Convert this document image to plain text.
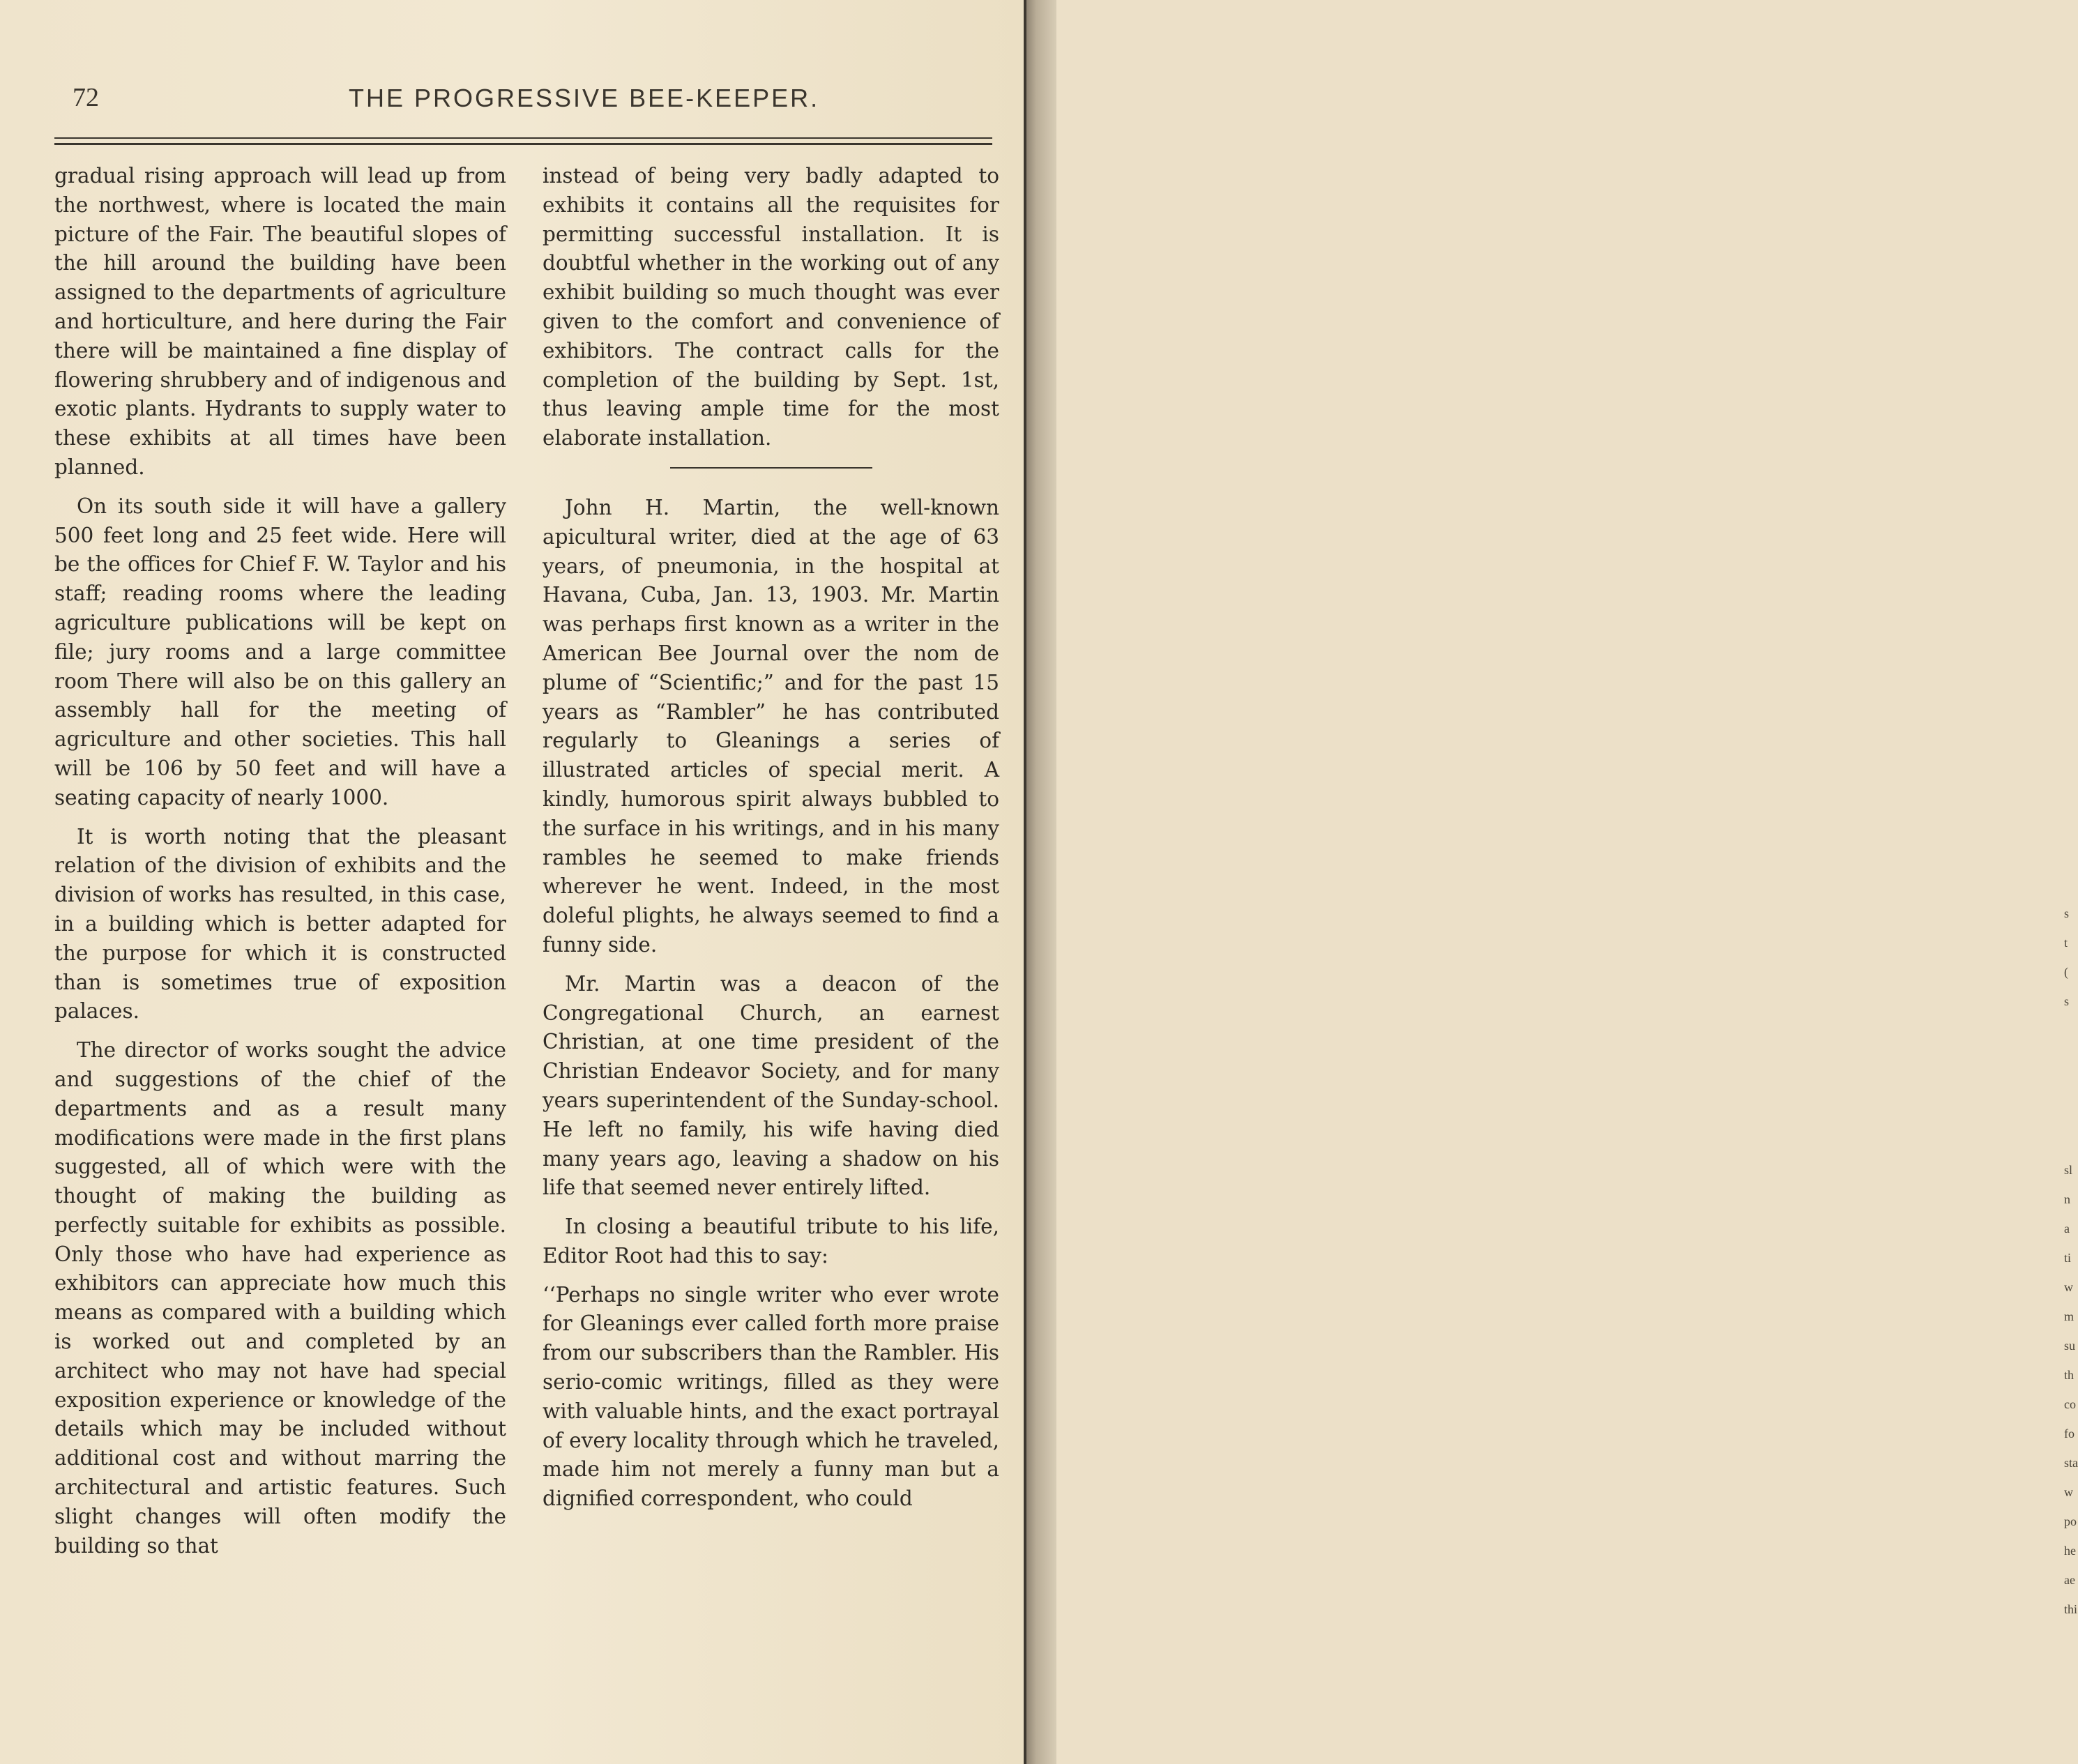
72	THE PROGRESSIVE BEE-KEEPER.

gradual rising approach will lead up from the northwest, where is located the main picture of the Fair. The beautiful slopes of the hill around the building have been assigned to the departments of agriculture and horticulture, and here during the Fair there will be maintained a fine display of flowering shrubbery and of indigenous and exotic plants. Hydrants to supply water to these exhibits at all times have been planned.

On its south side it will have a gallery 500 feet long and 25 feet wide. Here will be the offices for Chief F. W. Taylor and his staff; reading rooms where the leading agriculture publications will be kept on file; jury rooms and a large committee room There will also be on this gallery an assembly hall for the meeting of agriculture and other societies. This hall will be 106 by 50 feet and will have a seating capacity of nearly 1000.

It is worth noting that the pleasant relation of the division of exhibits and the division of works has resulted, in this case, in a building which is better adapted for the purpose for which it is constructed than is sometimes true of exposition palaces.

The director of works sought the advice and suggestions of the chief of the departments and as a result many modifications were made in the first plans suggested, all of which were with the thought of making the building as perfectly suitable for exhibits as possible. Only those who have had experience as exhibitors can appreciate how much this means as compared with a building which is worked out and completed by an architect who may not have had special exposition experience or knowledge of the details which may be included without additional cost and without marring the architectural and artistic features. Such slight changes will often modify the building so that

instead of being very badly adapted to exhibits it contains all the requisites for permitting successful installation. It is doubtful whether in the working out of any exhibit building so much thought was ever given to the comfort and convenience of exhibitors. The contract calls for the completion of the building by Sept. 1st, thus leaving ample time for the most elaborate installation.

John H. Martin, the well-known apicultural writer, died at the age of 63 years, of pneumonia, in the hospital at Havana, Cuba, Jan. 13, 1903. Mr. Martin was perhaps first known as a writer in the American Bee Journal over the nom de plume of “Scientific;” and for the past 15 years as “Rambler” he has contributed regularly to Gleanings a series of illustrated articles of special merit. A kindly, humorous spirit always bubbled to the surface in his writings, and in his many rambles he seemed to make friends wherever he went. Indeed, in the most doleful plights, he always seemed to find a funny side.

Mr. Martin was a deacon of the Congregational Church, an earnest Christian, at one time president of the Christian Endeavor Society, and for many years superintendent of the Sunday-school. He left no family, his wife having died many years ago, leaving a shadow on his life that seemed never entirely lifted.

In closing a beautiful tribute to his life, Editor Root had this to say:

‘‘Perhaps no single writer who ever wrote for Gleanings ever called forth more praise from our subscribers than the Rambler. His serio-comic writings, filled as they were with valuable hints, and the exact portrayal of every locality through which he traveled, made him not merely a funny man but a dignified correspondent, who could

s
t
(
s
sl
n
a
ti
w
m
su
th
co
fo
sta
w
po
he
ae
thi
